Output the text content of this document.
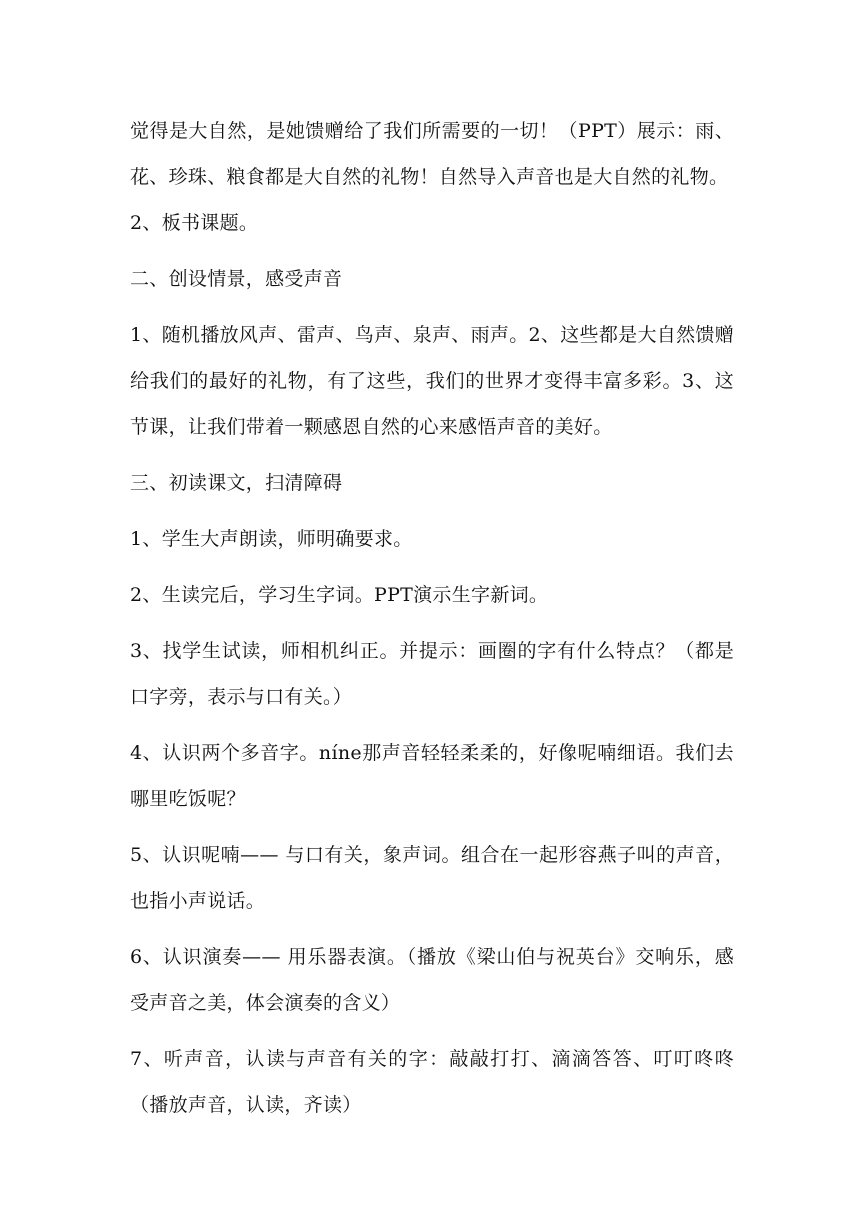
觉得是大自然，是她馈赠给了我们所需要的一切！（PPT）展示：雨、花、珍珠、粮食都是大自然的礼物！自然导入声音也是大自然的礼物。

2、板书课题。

二、创设情景，感受声音

1、随机播放风声、雷声、鸟声、泉声、雨声。2、这些都是大自然馈赠给我们的最好的礼物，有了这些，我们的世界才变得丰富多彩。3、这节课，让我们带着一颗感恩自然的心来感悟声音的美好。

三、初读课文，扫清障碍

1、学生大声朗读，师明确要求。

2、生读完后，学习生字词。PPT演示生字新词。

3、找学生试读，师相机纠正。并提示：画圈的字有什么特点？（都是口字旁，表示与口有关。）

4、认识两个多音字。níne那声音轻轻柔柔的，好像呢喃细语。我们去哪里吃饭呢？

5、认识呢喃—— 与口有关，象声词。组合在一起形容燕子叫的声音，也指小声说话。

6、认识演奏—— 用乐器表演。（播放《梁山伯与祝英台》交响乐，感受声音之美，体会演奏的含义）

7、听声音，认读与声音有关的字：敲敲打打、滴滴答答、叮叮咚咚（播放声音，认读，齐读）
